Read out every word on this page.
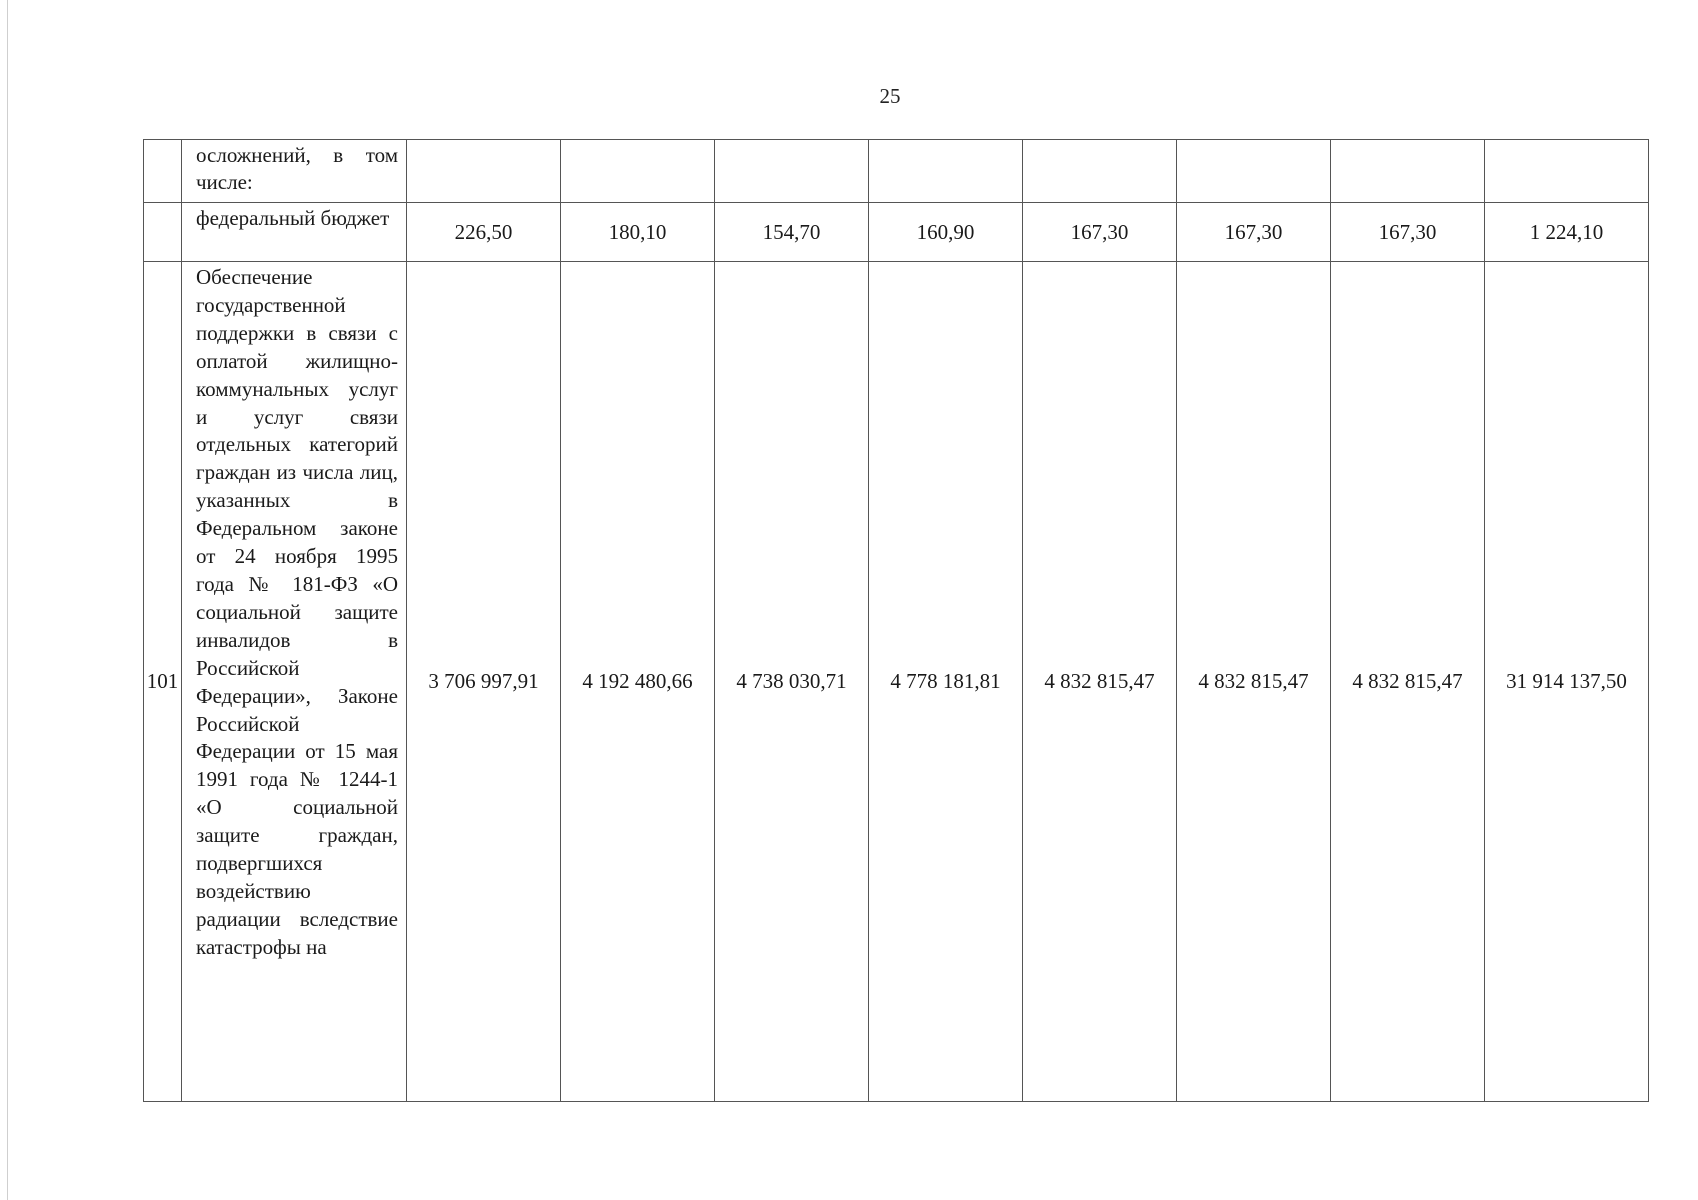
25
	осложнений, в том числе:								
	федеральный бюджет	226,50	180,10	154,70	160,90	167,30	167,30	167,30	1 224,10
101	Обеспечение государственной поддержки в связи с оплатой жилищно-коммунальных услуг и услуг связи отдельных категорий граждан из числа лиц, указанных в Федеральном законе от 24 ноября 1995 года № 181-ФЗ «О социальной защите инвалидов в Российской Федерации», Законе Российской Федерации от 15 мая 1991 года № 1244-1 «О социальной защите граждан, подвергшихся воздействию радиации вследствие катастрофы на	3 706 997,91	4 192 480,66	4 738 030,71	4 778 181,81	4 832 815,47	4 832 815,47	4 832 815,47	31 914 137,50
